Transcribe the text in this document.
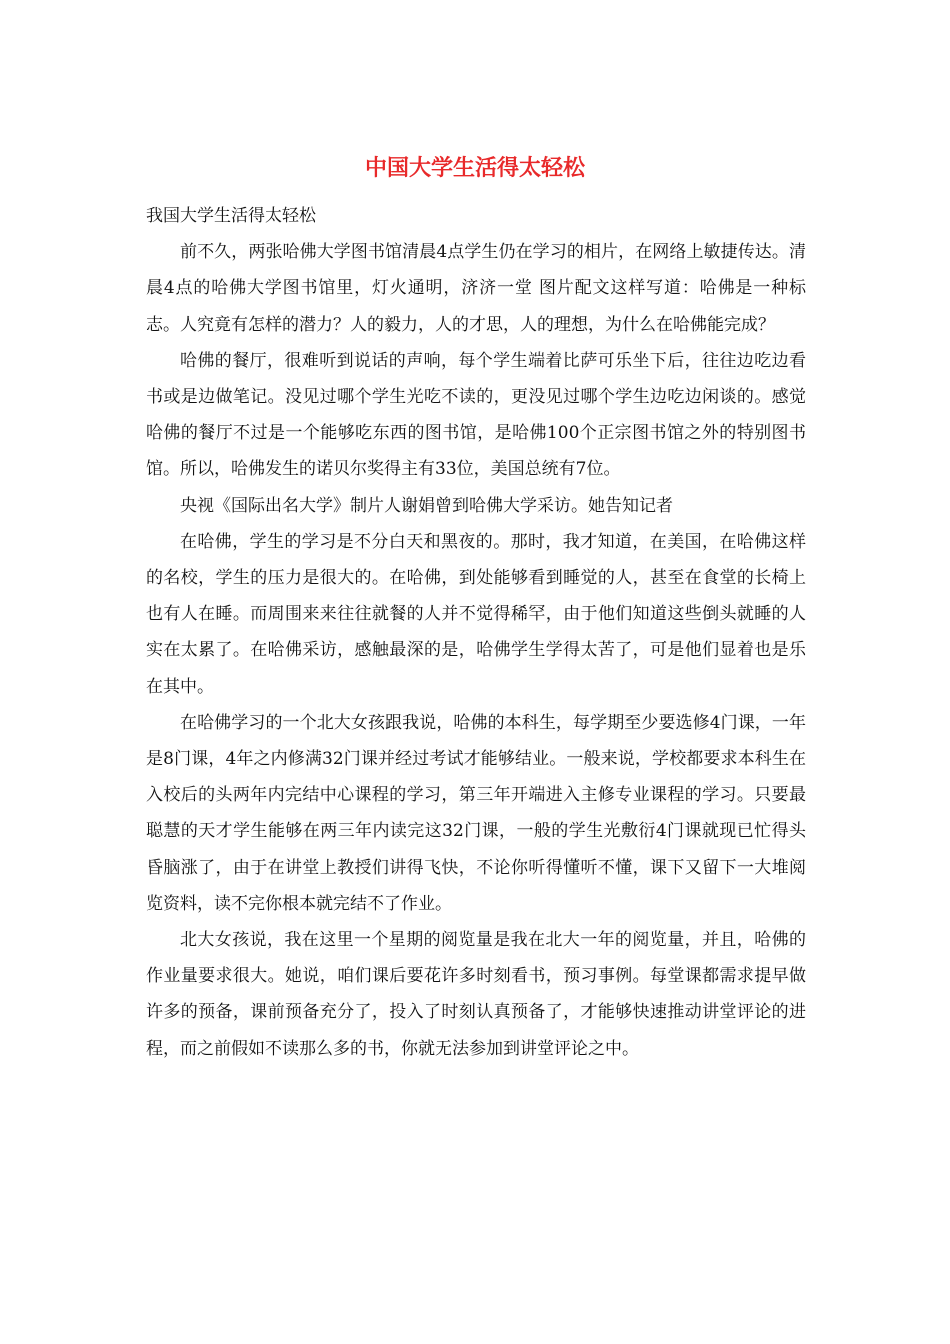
中国大学生活得太轻松

我国大学生活得太轻松

前不久，两张哈佛大学图书馆清晨4点学生仍在学习的相片，在网络上敏捷传达。清晨4点的哈佛大学图书馆里，灯火通明，济济一堂 图片配文这样写道：哈佛是一种标志。人究竟有怎样的潜力？人的毅力，人的才思，人的理想，为什么在哈佛能完成？

哈佛的餐厅，很难听到说话的声响，每个学生端着比萨可乐坐下后，往往边吃边看书或是边做笔记。没见过哪个学生光吃不读的，更没见过哪个学生边吃边闲谈的。感觉哈佛的餐厅不过是一个能够吃东西的图书馆，是哈佛100个正宗图书馆之外的特别图书馆。所以，哈佛发生的诺贝尔奖得主有33位，美国总统有7位。

央视《国际出名大学》制片人谢娟曾到哈佛大学采访。她告知记者

在哈佛，学生的学习是不分白天和黑夜的。那时，我才知道，在美国，在哈佛这样的名校，学生的压力是很大的。在哈佛，到处能够看到睡觉的人，甚至在食堂的长椅上也有人在睡。而周围来来往往就餐的人并不觉得稀罕，由于他们知道这些倒头就睡的人实在太累了。在哈佛采访，感触最深的是，哈佛学生学得太苦了，可是他们显着也是乐在其中。

在哈佛学习的一个北大女孩跟我说，哈佛的本科生，每学期至少要选修4门课，一年是8门课，4年之内修满32门课并经过考试才能够结业。一般来说，学校都要求本科生在入校后的头两年内完结中心课程的学习，第三年开端进入主修专业课程的学习。只要最聪慧的天才学生能够在两三年内读完这32门课，一般的学生光敷衍4门课就现已忙得头昏脑涨了，由于在讲堂上教授们讲得飞快，不论你听得懂听不懂，课下又留下一大堆阅览资料，读不完你根本就完结不了作业。

北大女孩说，我在这里一个星期的阅览量是我在北大一年的阅览量，并且，哈佛的作业量要求很大。她说，咱们课后要花许多时刻看书，预习事例。每堂课都需求提早做许多的预备，课前预备充分了，投入了时刻认真预备了，才能够快速推动讲堂评论的进程，而之前假如不读那么多的书，你就无法参加到讲堂评论之中。
